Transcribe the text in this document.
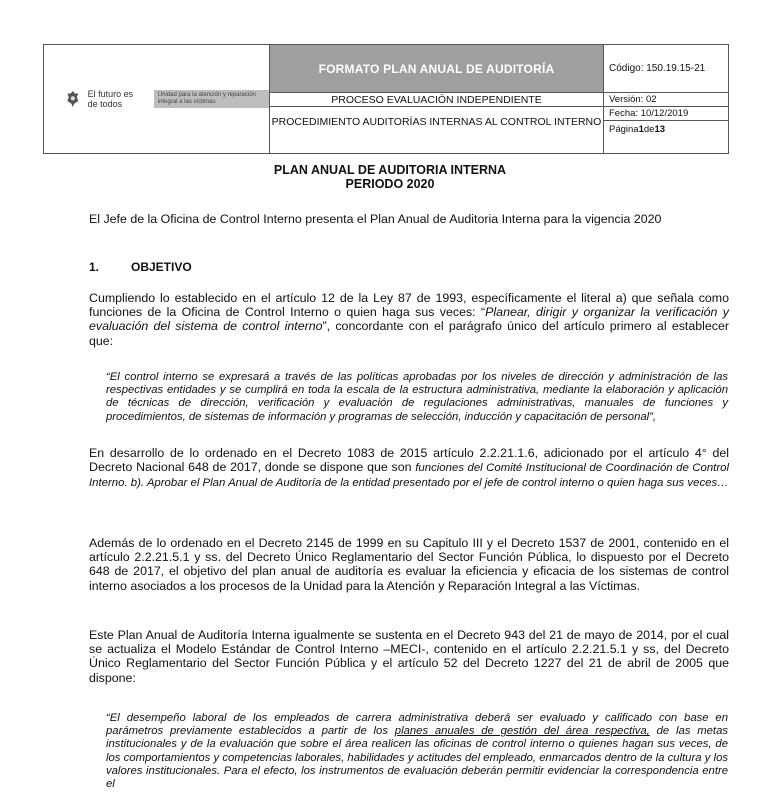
El futuro es de todos
Unidad para la atención y reparación integral a las víctimas
FORMATO PLAN ANUAL DE AUDITORÍA
PROCESO EVALUACIÓN INDEPENDIENTE
PROCEDIMIENTO AUDITORÍAS INTERNAS AL CONTROL INTERNO
Código: 150.19.15-21
Versión: 02
Fecha: 10/12/2019
Página 1 de 13
PLAN ANUAL DE AUDITORIA INTERNA
PERIODO 2020
El Jefe de la Oficina de Control Interno presenta el Plan Anual de Auditoria Interna para la vigencia 2020
1.	OBJETIVO
Cumpliendo lo establecido en el artículo 12 de la Ley 87 de 1993, específicamente el literal a) que señala como funciones de la Oficina de Control Interno o quien haga sus veces: “Planear, dirigir y organizar la verificación y evaluación del sistema de control interno”, concordante con el parágrafo único del artículo primero al establecer que:
“El control interno se expresará a través de las políticas aprobadas por los niveles de dirección y administración de las respectivas entidades y se cumplirá en toda la escala de la estructura administrativa, mediante la elaboración y aplicación de técnicas de dirección, verificación y evaluación de regulaciones administrativas, manuales de funciones y procedimientos, de sistemas de información y programas de selección, inducción y capacitación de personal”,
En desarrollo de lo ordenado en el Decreto 1083 de 2015 artículo 2.2.21.1.6, adicionado por el artículo 4° del Decreto Nacional 648 de 2017, donde se dispone que son funciones del Comité Institucional de Coordinación de Control Interno. b). Aprobar el Plan Anual de Auditoría de la entidad presentado por el jefe de control interno o quien haga sus veces…
Además de lo ordenado en el Decreto 2145 de 1999 en su Capitulo III y el Decreto 1537 de 2001, contenido en el artículo 2.2.21.5.1 y ss. del Decreto Único Reglamentario del Sector Función Pública, lo dispuesto por el Decreto 648 de 2017, el objetivo del plan anual de auditoría es evaluar la eficiencia y eficacia de los sistemas de control interno asociados a los procesos de la Unidad para la Atención y Reparación Integral a las Víctimas.
Este Plan Anual de Auditoría Interna igualmente se sustenta en el Decreto 943 del 21 de mayo de 2014, por el cual se actualiza el Modelo Estándar de Control Interno –MECI-, contenido en el artículo 2.2.21.5.1 y ss, del Decreto Único Reglamentario del Sector Función Pública y el artículo 52 del Decreto 1227 del 21 de abril de 2005 que dispone:
“El desempeño laboral de los empleados de carrera administrativa deberá ser evaluado y calificado con base en parámetros previamente establecidos a partir de los planes anuales de gestión del área respectiva, de las metas institucionales y de la evaluación que sobre el área realicen las oficinas de control interno o quienes hagan sus veces, de los comportamientos y competencias laborales, habilidades y actitudes del empleado, enmarcados dentro de la cultura y los valores institucionales. Para el efecto, los instrumentos de evaluación deberán permitir evidenciar la correspondencia entre el
